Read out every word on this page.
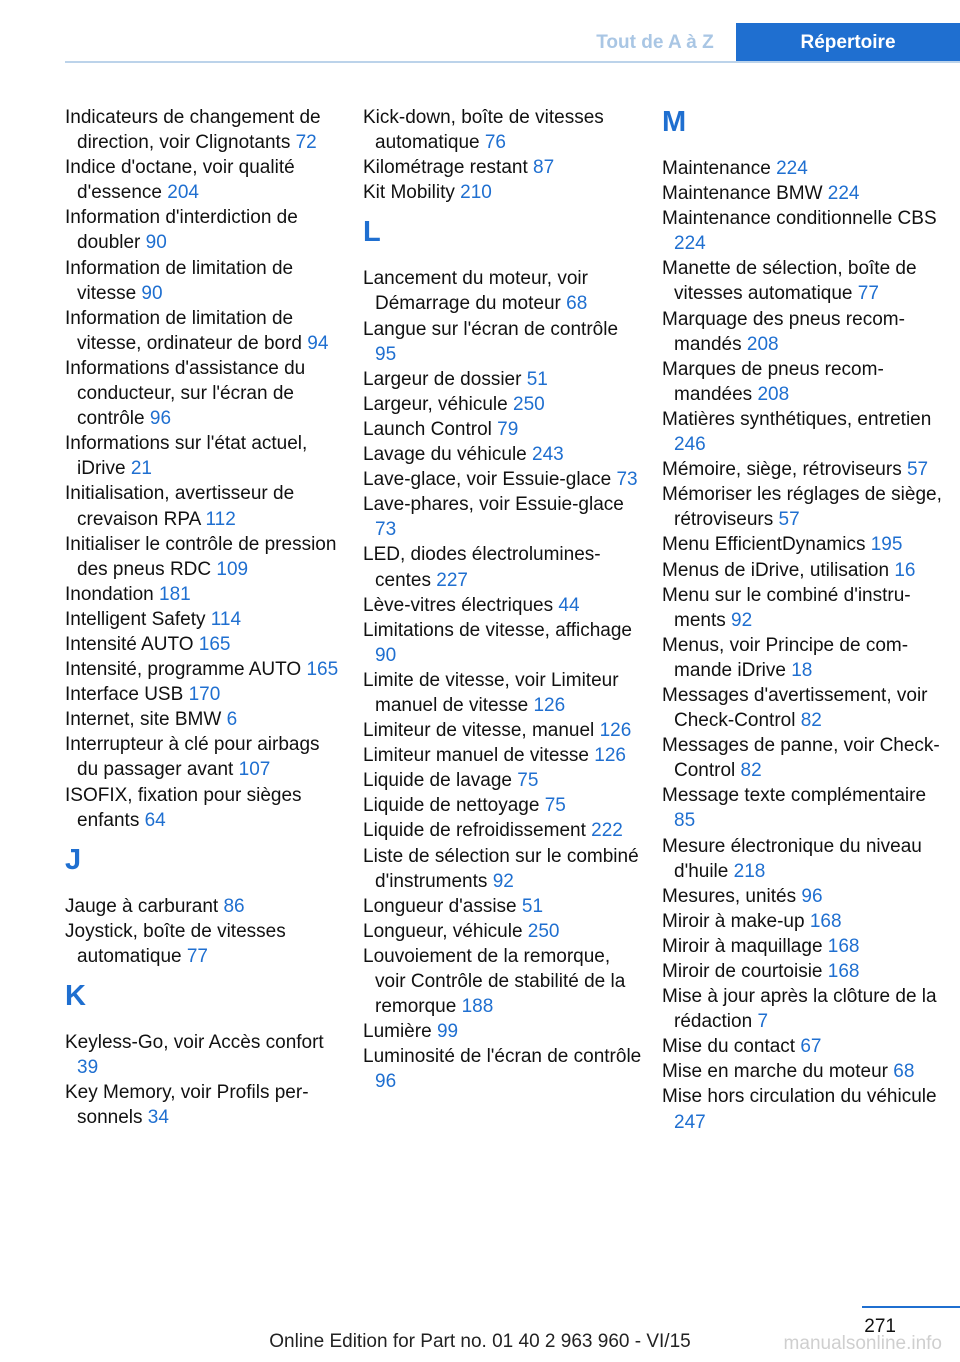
Tout de A à Z	Répertoire
Indicateurs de changement de direction, voir Clignotants 72
Indice d'octane, voir qualité d'essence 204
Information d'interdiction de doubler 90
Information de limitation de vitesse 90
Information de limitation de vitesse, ordinateur de bord 94
Informations d'assistance du conducteur, sur l'écran de contrôle 96
Informations sur l'état actuel, iDrive 21
Initialisation, avertisseur de crevaison RPA 112
Initialiser le contrôle de pression des pneus RDC 109
Inondation 181
Intelligent Safety 114
Intensité AUTO 165
Intensité, programme AUTO 165
Interface USB 170
Internet, site BMW 6
Interrupteur à clé pour airbags du passager avant 107
ISOFIX, fixation pour sièges enfants 64
J
Jauge à carburant 86
Joystick, boîte de vitesses automatique 77
K
Keyless-Go, voir Accès confort 39
Key Memory, voir Profils personnels 34
Kick-down, boîte de vitesses automatique 76
Kilométrage restant 87
Kit Mobility 210
L
Lancement du moteur, voir Démarrage du moteur 68
Langue sur l'écran de contrôle 95
Largeur de dossier 51
Largeur, véhicule 250
Launch Control 79
Lavage du véhicule 243
Lave-glace, voir Essuie-glace 73
Lave-phares, voir Essuie-glace 73
LED, diodes électroluminescentes 227
Lève-vitres électriques 44
Limitations de vitesse, affichage 90
Limite de vitesse, voir Limiteur manuel de vitesse 126
Limiteur de vitesse, manuel 126
Limiteur manuel de vitesse 126
Liquide de lavage 75
Liquide de nettoyage 75
Liquide de refroidissement 222
Liste de sélection sur le combiné d'instruments 92
Longueur d'assise 51
Longueur, véhicule 250
Louvoiement de la remorque, voir Contrôle de stabilité de la remorque 188
Lumière 99
Luminosité de l'écran de contrôle 96
M
Maintenance 224
Maintenance BMW 224
Maintenance conditionnelle CBS 224
Manette de sélection, boîte de vitesses automatique 77
Marquage des pneus recommandés 208
Marques de pneus recommandées 208
Matières synthétiques, entretien 246
Mémoire, siège, rétroviseurs 57
Mémoriser les réglages de siège, rétroviseurs 57
Menu EfficientDynamics 195
Menus de iDrive, utilisation 16
Menu sur le combiné d'instruments 92
Menus, voir Principe de commande iDrive 18
Messages d'avertissement, voir Check-Control 82
Messages de panne, voir Check-Control 82
Message texte complémentaire 85
Mesure électronique du niveau d'huile 218
Mesures, unités 96
Miroir à make-up 168
Miroir à maquillage 168
Miroir de courtoisie 168
Mise à jour après la clôture de la rédaction 7
Mise du contact 67
Mise en marche du moteur 68
Mise hors circulation du véhicule 247
271
Online Edition for Part no. 01 40 2 963 960 - VI/15	manualsonline.info
